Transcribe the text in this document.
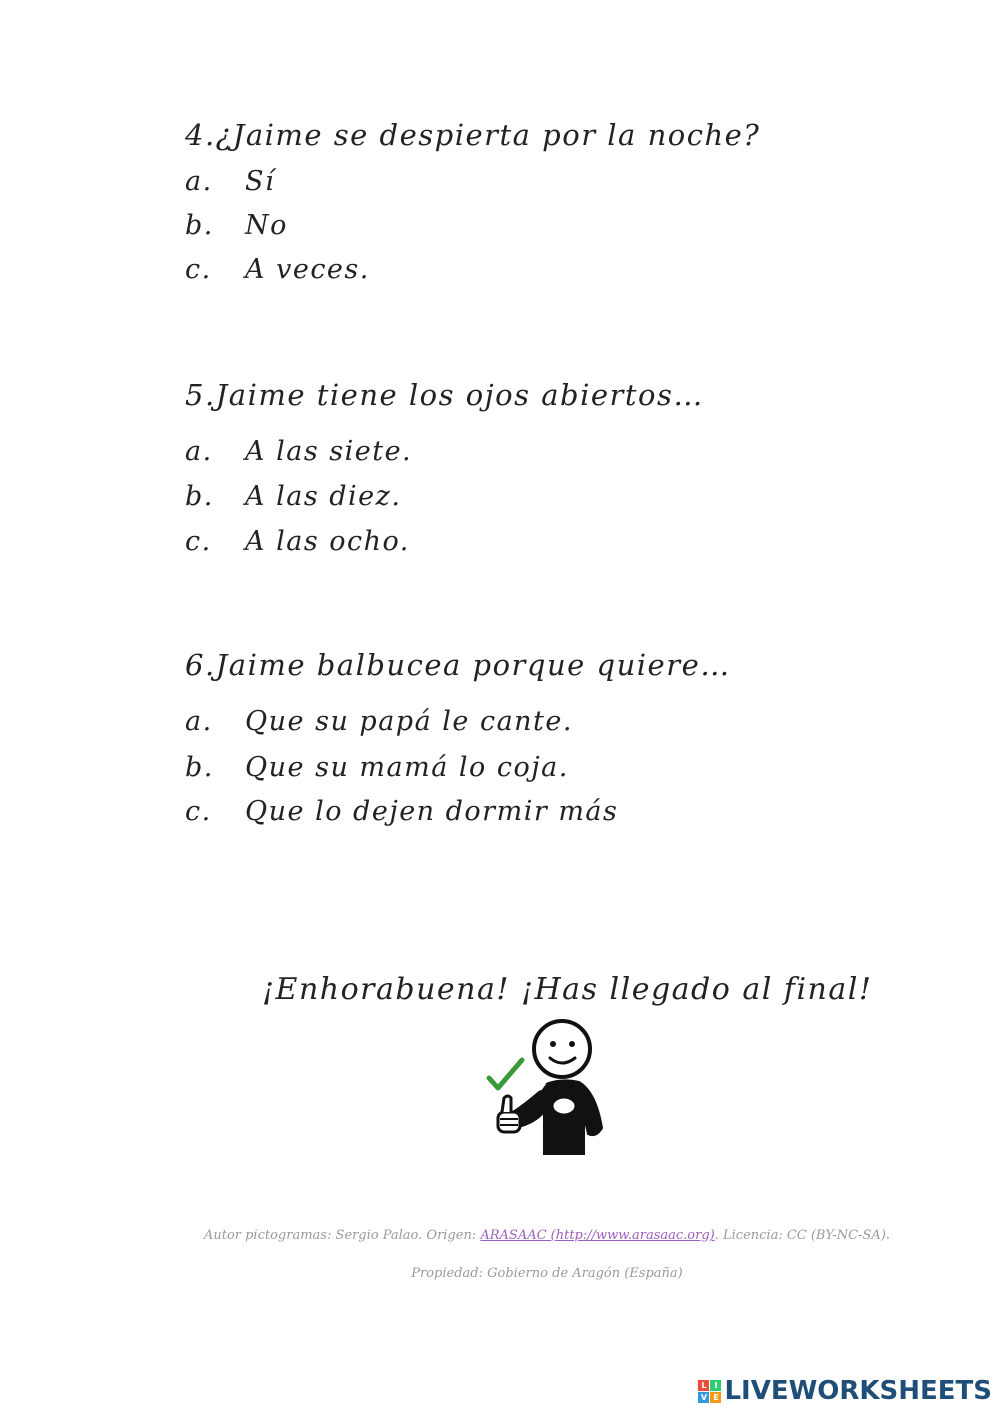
4.¿Jaime se despierta por la noche?
a. Sí
b. No
c. A veces.
5.Jaime tiene los ojos abiertos…
a. A las siete.
b. A las diez.
c. A las ocho.
6.Jaime balbucea porque quiere…
a. Que su papá le cante.
b. Que su mamá lo coja.
c. Que lo dejen dormir más
¡Enhorabuena! ¡Has llegado al final!
Autor pictogramas: Sergio Palao. Origen: ARASAAC (http://www.arasaac.org). Licencia: CC (BY-NC-SA).
Propiedad: Gobierno de Aragón (España)
L I
V E LIVEWORKSHEETS
